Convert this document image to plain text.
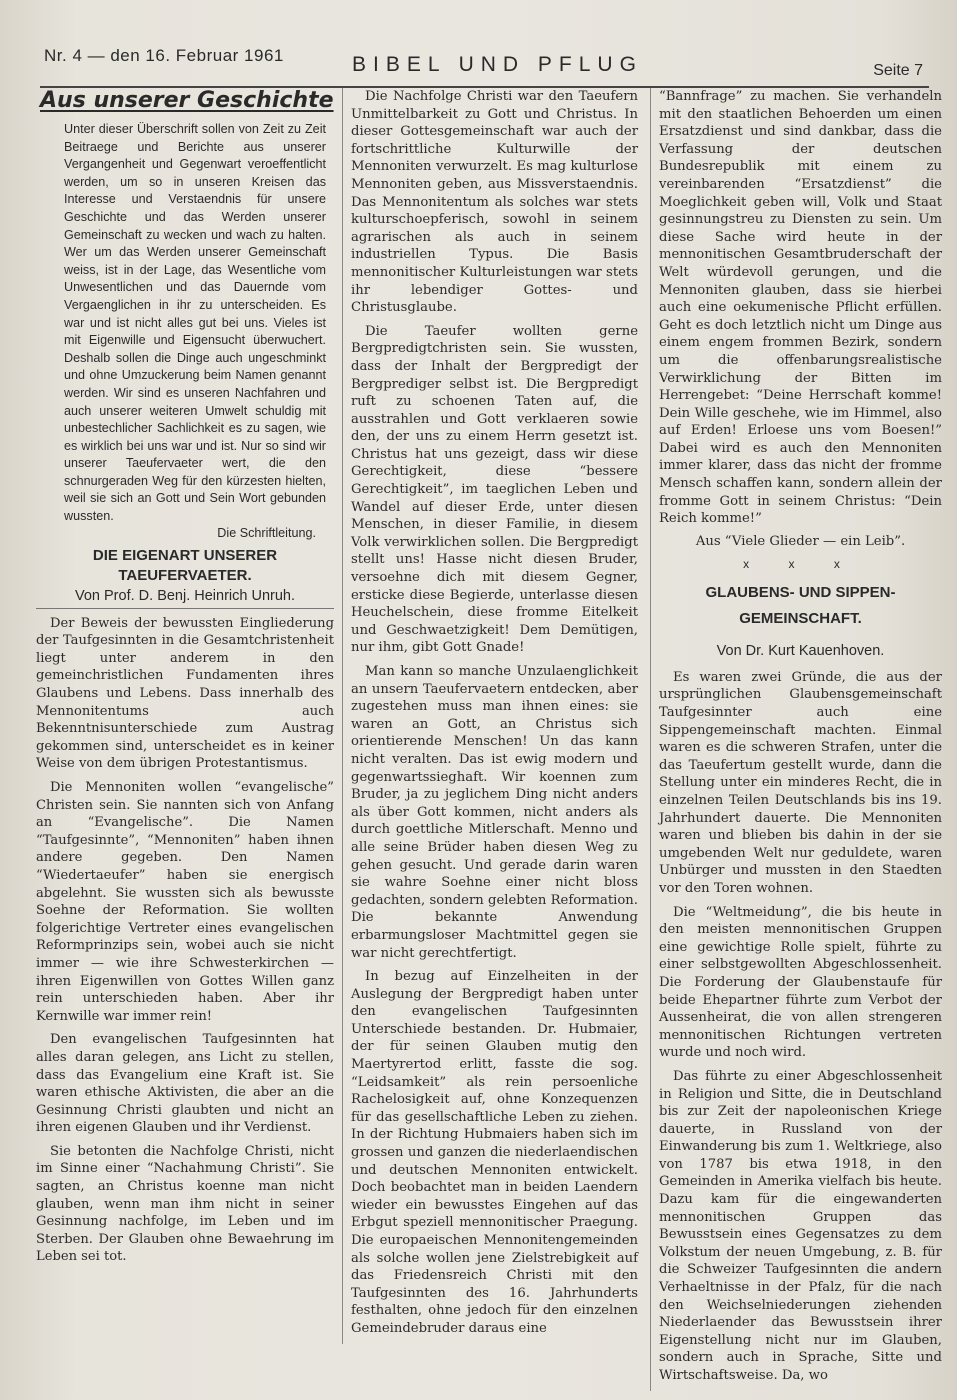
Nr. 4 — den 16. Februar 1961	BIBEL UND PFLUG	Seite 7
Aus unserer Geschichte
Unter dieser Überschrift sollen von Zeit zu Zeit Beitraege und Berichte aus unserer Vergangenheit und Gegenwart veroeffentlicht werden, um so in unseren Kreisen das Interesse und Verstaendnis für unsere Geschichte und das Werden unserer Gemeinschaft zu wecken und wach zu halten. Wer um das Werden unserer Gemeinschaft weiss, ist in der Lage, das Wesentliche vom Unwesentlichen und das Dauernde vom Vergaenglichen in ihr zu unterscheiden. Es war und ist nicht alles gut bei uns. Vieles ist mit Eigenwille und Eigensucht überwuchert. Deshalb sollen die Dinge auch ungeschminkt und ohne Umzuckerung beim Namen genannt werden. Wir sind es unseren Nachfahren und auch unserer weiteren Umwelt schuldig mit unbestechlicher Sachlichkeit es zu sagen, wie es wirklich bei uns war und ist. Nur so sind wir unserer Taeufervaeter wert, die den schnurgeraden Weg für den kürzesten hielten, weil sie sich an Gott und Sein Wort gebunden wussten.
Die Schriftleitung.
DIE EIGENART UNSERER
TAEUFERVAETER.
Von Prof. D. Benj. Heinrich Unruh.
Der Beweis der bewussten Eingliederung der Taufgesinnten in die Gesamtchristenheit liegt unter anderem in den gemeinchristlichen Fundamenten ihres Glaubens und Lebens. Dass innerhalb des Mennonitentums auch Bekenntnisunterschiede zum Austrag gekommen sind, unterscheidet es in keiner Weise von dem übrigen Protestantismus.
Die Mennoniten wollen “evangelische” Christen sein. Sie nannten sich von Anfang an “Evangelische”. Die Namen “Taufgesinnte”, “Mennoniten” haben ihnen andere gegeben. Den Namen “Wiedertaeufer” haben sie energisch abgelehnt. Sie wussten sich als bewusste Soehne der Reformation. Sie wollten folgerichtige Vertreter eines evangelischen Reformprinzips sein, wobei auch sie nicht immer — wie ihre Schwesterkirchen — ihren Eigenwillen von Gottes Willen ganz rein unterschieden haben. Aber ihr Kernwille war immer rein!
Den evangelischen Taufgesinnten hat alles daran gelegen, ans Licht zu stellen, dass das Evangelium eine Kraft ist. Sie waren ethische Aktivisten, die aber an die Gesinnung Christi glaubten und nicht an ihren eigenen Glauben und ihr Verdienst.
Sie betonten die Nachfolge Christi, nicht im Sinne einer “Nachahmung Christi”. Sie sagten, an Christus koenne man nicht glauben, wenn man ihm nicht in seiner Gesinnung nachfolge, im Leben und im Sterben. Der Glauben ohne Bewaehrung im Leben sei tot.
Die Nachfolge Christi war den Taeufern Unmittelbarkeit zu Gott und Christus. In dieser Gottesgemeinschaft war auch der fortschrittliche Kulturwille der Mennoniten verwurzelt. Es mag kulturlose Mennoniten geben, aus Missverstaendnis. Das Mennonitentum als solches war stets kulturschoepferisch, sowohl in seinem agrarischen als auch in seinem industriellen Typus. Die Basis mennonitischer Kulturleistungen war stets ihr lebendiger Gottes- und Christusglaube.
Die Taeufer wollten gerne Bergpredigtchristen sein. Sie wussten, dass der Inhalt der Bergpredigt der Bergprediger selbst ist. Die Bergpredigt ruft zu schoenen Taten auf, die ausstrahlen und Gott verklaeren sowie den, der uns zu einem Herrn gesetzt ist. Christus hat uns gezeigt, dass wir diese Gerechtigkeit, diese “bessere Gerechtigkeit”, im taeglichen Leben und Wandel auf dieser Erde, unter diesen Menschen, in dieser Familie, in diesem Volk verwirklichen sollen. Die Bergpredigt stellt uns! Hasse nicht diesen Bruder, versoehne dich mit diesem Gegner, ersticke diese Begierde, unterlasse diesen Heuchelschein, diese fromme Eitelkeit und Geschwaetzigkeit! Dem Demütigen, nur ihm, gibt Gott Gnade!
Man kann so manche Unzulaenglichkeit an unsern Taeufervaetern entdecken, aber zugestehen muss man ihnen eines: sie waren an Gott, an Christus sich orientierende Menschen! Un das kann nicht veralten. Das ist ewig modern und gegenwartssieghaft. Wir koennen zum Bruder, ja zu jeglichem Ding nicht anders als über Gott kommen, nicht anders als durch goettliche Mitlerschaft. Menno und alle seine Brüder haben diesen Weg zu gehen gesucht. Und gerade darin waren sie wahre Soehne einer nicht bloss gedachten, sondern gelebten Reformation. Die bekannte Anwendung erbarmungsloser Machtmittel gegen sie war nicht gerechtfertigt.
In bezug auf Einzelheiten in der Auslegung der Bergpredigt haben unter den evangelischen Taufgesinnten Unterschiede bestanden. Dr. Hubmaier, der für seinen Glauben mutig den Maertyrertod erlitt, fasste die sog. “Leidsamkeit” als rein persoenliche Rachelosigkeit auf, ohne Konzequenzen für das gesellschaftliche Leben zu ziehen. In der Richtung Hubmaiers haben sich im grossen und ganzen die niederlaendischen und deutschen Mennoniten entwickelt. Doch beobachtet man in beiden Laendern wieder ein bewusstes Eingehen auf das Erbgut speziell mennonitischer Praegung. Die europaeischen Mennonitengemeinden als solche wollen jene Zielstrebigkeit auf das Friedensreich Christi mit den Taufgesinnten des 16. Jahrhunderts festhalten, ohne jedoch für den einzelnen Gemeindebruder daraus eine
“Bannfrage” zu machen. Sie verhandeln mit den staatlichen Behoerden um einen Ersatzdienst und sind dankbar, dass die Verfassung der deutschen Bundesrepublik mit einem zu vereinbarenden “Ersatzdienst” die Moeglichkeit geben will, Volk und Staat gesinnungstreu zu Diensten zu sein. Um diese Sache wird heute in der mennonitischen Gesamtbruderschaft der Welt würdevoll gerungen, und die Mennoniten glauben, dass sie hierbei auch eine oekumenische Pflicht erfüllen. Geht es doch letztlich nicht um Dinge aus einem engem frommen Bezirk, sondern um die offenbarungsrealistische Verwirklichung der Bitten im Herrengebet: “Deine Herrschaft komme! Dein Wille geschehe, wie im Himmel, also auf Erden! Erloese uns vom Boesen!” Dabei wird es auch den Mennoniten immer klarer, dass das nicht der fromme Mensch schaffen kann, sondern allein der fromme Gott in seinem Christus: “Dein Reich komme!”
Aus “Viele Glieder — ein Leib”.
x x x
GLAUBENS- UND SIPPEN-
GEMEINSCHAFT.
Von Dr. Kurt Kauenhoven.
Es waren zwei Gründe, die aus der ursprünglichen Glaubensgemeinschaft Taufgesinnter auch eine Sippengemeinschaft machten. Einmal waren es die schweren Strafen, unter die das Taeufertum gestellt wurde, dann die Stellung unter ein minderes Recht, die in einzelnen Teilen Deutschlands bis ins 19. Jahrhundert dauerte. Die Mennoniten waren und blieben bis dahin in der sie umgebenden Welt nur geduldete, waren Unbürger und mussten in den Staedten vor den Toren wohnen.
Die “Weltmeidung”, die bis heute in den meisten mennonitischen Gruppen eine gewichtige Rolle spielt, führte zu einer selbstgewollten Abgeschlossenheit. Die Forderung der Glaubenstaufe für beide Ehepartner führte zum Verbot der Aussenheirat, die von allen strengeren mennonitischen Richtungen vertreten wurde und noch wird.
Das führte zu einer Abgeschlossenheit in Religion und Sitte, die in Deutschland bis zur Zeit der napoleonischen Kriege dauerte, in Russland von der Einwanderung bis zum 1. Weltkriege, also von 1787 bis etwa 1918, in den Gemeinden in Amerika vielfach bis heute. Dazu kam für die eingewanderten mennonitischen Gruppen das Bewusstsein eines Gegensatzes zu dem Volkstum der neuen Umgebung, z. B. für die Schweizer Taufgesinnten die andern Verhaeltnisse in der Pfalz, für die nach den Weichselniederungen ziehenden Niederlaender das Bewusstsein ihrer Eigenstellung nicht nur im Glauben, sondern auch in Sprache, Sitte und Wirtschaftsweise. Da, wo
